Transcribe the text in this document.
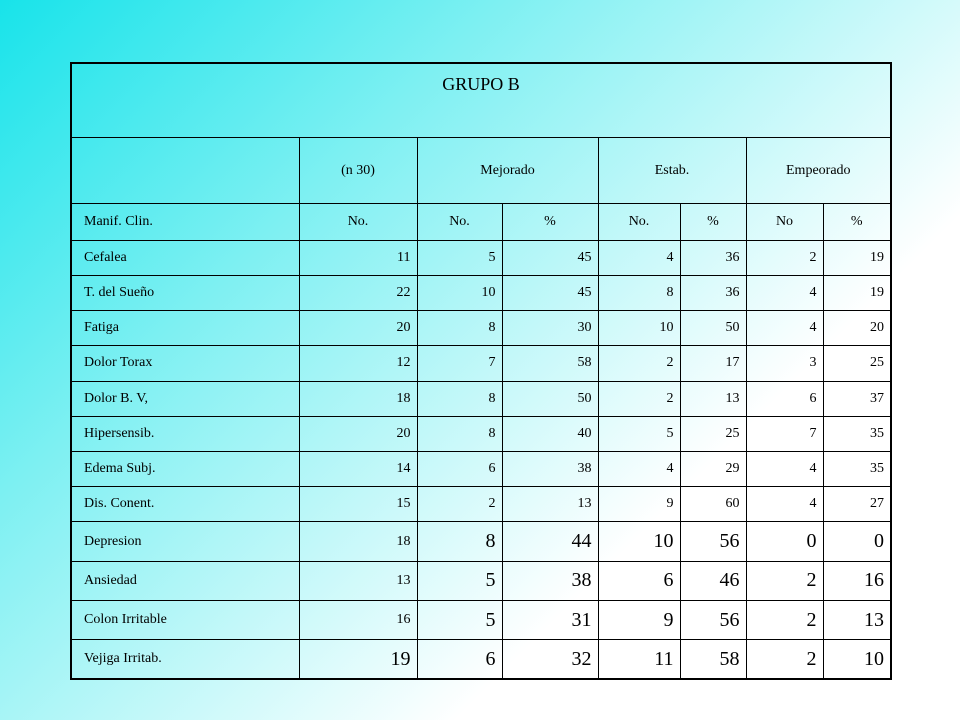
GRUPO B							
	(n 30)	Mejorado		Estab.		Empeorado	
Manif. Clin.	No.	No.	%	No.	%	No	%
Cefalea	11	5	45	4	36	2	19
T. del Sueño	22	10	45	8	36	4	19
Fatiga	20	8	30	10	50	4	20
Dolor Torax	12	7	58	2	17	3	25
Dolor B. V,	18	8	50	2	13	6	37
Hipersensib.	20	8	40	5	25	7	35
Edema Subj.	14	6	38	4	29	4	35
Dis. Conent.	15	2	13	9	60	4	27
Depresion	18	8	44	10	56	0	0
Ansiedad	13	5	38	6	46	2	16
Colon Irritable	16	5	31	9	56	2	13
Vejiga Irritab.	19	6	32	11	58	2	10
